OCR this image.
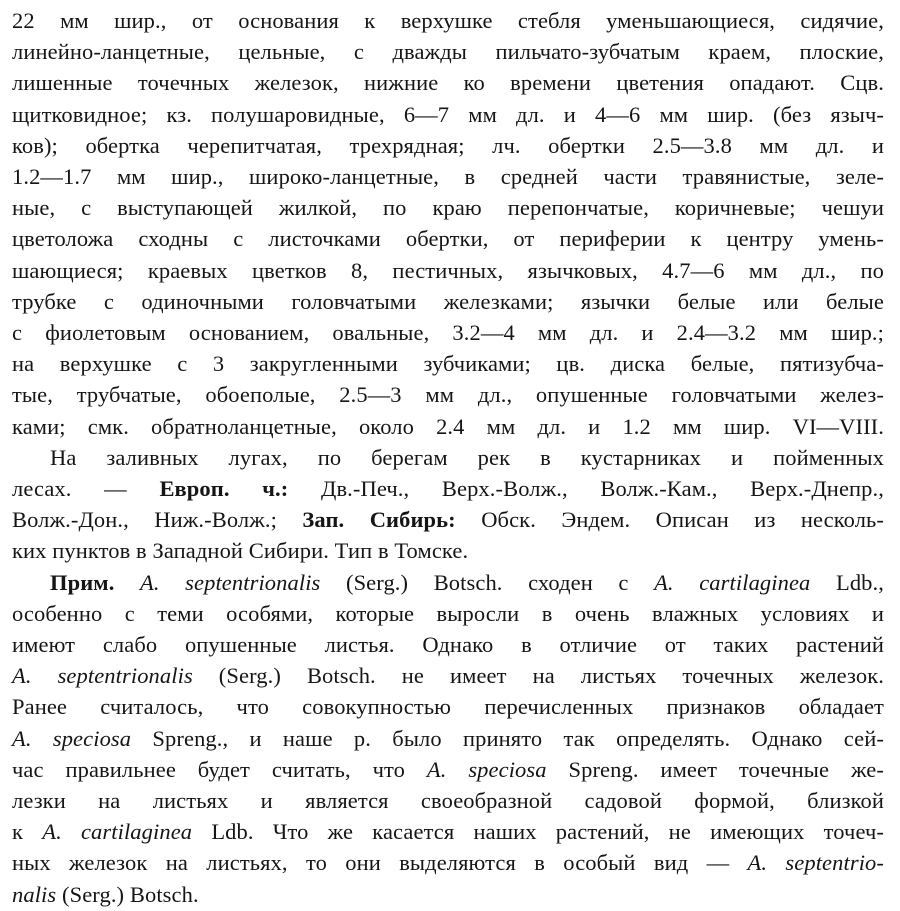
22 мм шир., от основания к верхушке стебля уменьшающиеся, сидячие,
линейно-ланцетные, цельные, с дважды пильчато-зубчатым краем, плоские,
лишенные точечных железок, нижние ко времени цветения опадают. Сцв.
щитковидное; кз. полушаровидные, 6—7 мм дл. и 4—6 мм шир. (без языч-
ков); обертка черепитчатая, трехрядная; лч. обертки 2.5—3.8 мм дл. и
1.2—1.7 мм шир., широко-ланцетные, в средней части травянистые, зеле-
ные, с выступающей жилкой, по краю перепончатые, коричневые; чешуи
цветоложа сходны с листочками обертки, от периферии к центру умень-
шающиеся; краевых цветков 8, пестичных, язычковых, 4.7—6 мм дл., по
трубке с одиночными головчатыми железками; язычки белые или белые
с фиолетовым основанием, овальные, 3.2—4 мм дл. и 2.4—3.2 мм шир.;
на верхушке с 3 закругленными зубчиками; цв. диска белые, пятизубча-
тые, трубчатые, обоеполые, 2.5—3 мм дл., опушенные головчатыми желез-
ками; смк. обратноланцетные, около 2.4 мм дл. и 1.2 мм шир. VI—VIII.
На заливных лугах, по берегам рек в кустарниках и пойменных
лесах. — Европ. ч.: Дв.-Печ., Верх.-Волж., Волж.-Кам., Верх.-Днепр.,
Волж.-Дон., Ниж.-Волж.; Зап. Сибирь: Обск. Эндем. Описан из несколь-
ких пунктов в Западной Сибири. Тип в Томске.
Прим. A. septentrionalis (Serg.) Botsch. сходен с A. cartilaginea Ldb.,
особенно с теми особями, которые выросли в очень влажных условиях и
имеют слабо опушенные листья. Однако в отличие от таких растений
A. septentrionalis (Serg.) Botsch. не имеет на листьях точечных железок.
Ранее считалось, что совокупностью перечисленных признаков обладает
A. speciosa Spreng., и наше р. было принято так определять. Однако сей-
час правильнее будет считать, что A. speciosa Spreng. имеет точечные же-
лезки на листьях и является своеобразной садовой формой, близкой
к A. cartilaginea Ldb. Что же касается наших растений, не имеющих точеч-
ных железок на листьях, то они выделяются в особый вид — A. septentrio-
nalis (Serg.) Botsch.
